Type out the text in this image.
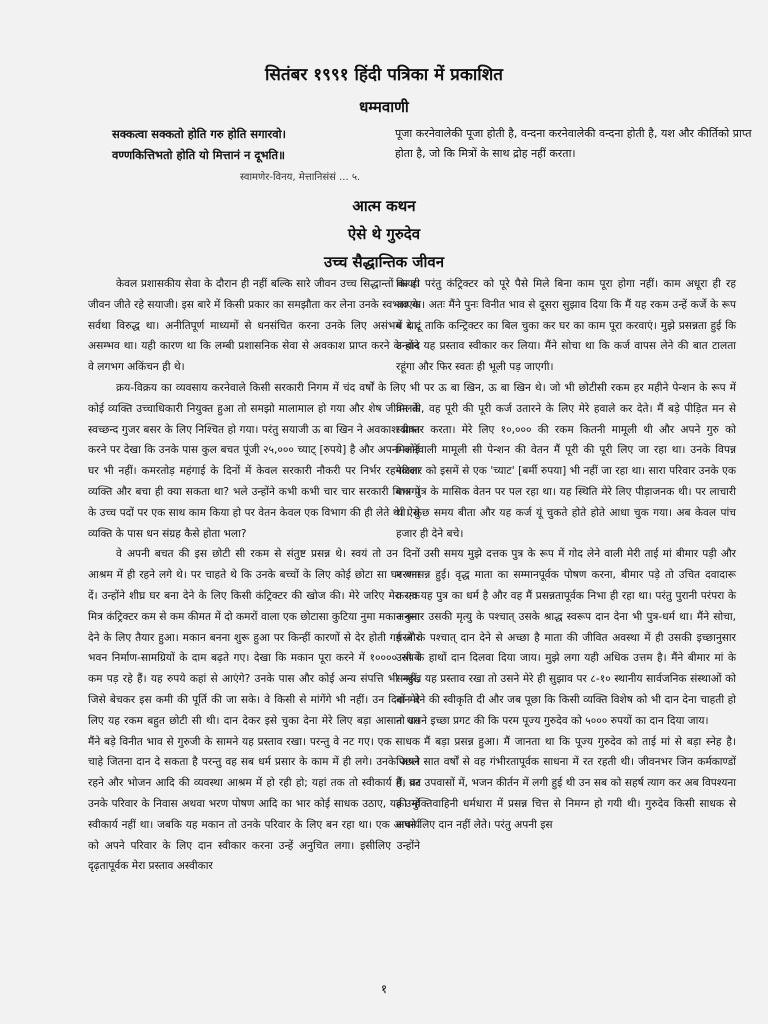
सितंबर १९९१ हिंदी पत्रिका में प्रकाशित
धम्मवाणी
सक्कत्वा सक्कतो होति गरु होति सगारवो।
वण्णकित्तिभतो होति यो मित्तानं न दूभति॥
स्वामणेर-विनय, मेत्तानिसंसं ... ५.
पूजा करनेवालेकी पूजा होती है, वन्दना करनेवालेकी वन्दना होती है, यश और कीर्तिको प्राप्त होता है, जो कि मित्रों के साथ द्रोह नहीं करता।
आत्म कथन
ऐसे थे गुरुदेव
उच्च सैद्धान्तिक जीवन

केवल प्रशासकीय सेवा के दौरान ही नहीं बल्कि सारे जीवन उच्च सिद्धान्तों का ही जीवन जीते रहे सयाजी। इस बारे में किसी प्रकार का समझौता कर लेना उनके स्वभाव के सर्वथा विरुद्ध था। अनीतिपूर्ण माध्यमों से धनसंचित करना उनके लिए असंभव था, असम्भव था। यही कारण था कि लम्बी प्रशासनिक सेवा से अवकाश प्राप्त करने के बाद वे लगभग अकिंचन ही थे।

क्रय-विक्रय का व्यवसाय करनेवाले किसी सरकारी निगम में चंद वर्षों के लिए भी कोई व्यक्ति उच्चाधिकारी नियुक्त हुआ तो समझो मालामाल हो गया और शेष जीवन के स्वच्छन्द गुजर बसर के लिए निश्चित हो गया। परंतु सयाजी ऊ बा खिन ने अवकाश प्राप्त करने पर देखा कि उनके पास कुल बचत पूंजी २५,००० च्याट् [रुपये] है और अपना कोई घर भी नहीं। कमरतोड़ महंगाई के दिनों में केवल सरकारी नौकरी पर निर्भर रहनेवाला व्यक्ति और बचा ही क्या सकता था? भले उन्होंने कभी कभी चार चार सरकारी विभागों के उच्च पदों पर एक साथ काम किया हो पर वेतन केवल एक विभाग की ही लेते थे। ऐसे व्यक्ति के पास धन संग्रह कैसे होता भला?

वे अपनी बचत की इस छोटी सी रकम से संतुष्ट प्रसन्न थे। स्वयं तो उन दिनों आश्रम में ही रहने लगे थे। पर चाहते थे कि उनके बच्चों के लिए कोई छोटा सा घर बना दें। उन्होंने शीघ्र घर बना देने के लिए किसी कंट्रिक्टर की खोज की। मेरे जरिए मेरा एक मित्र कंट्रिक्टर कम से कम कीमत में दो कमरों वाला एक छोटासा कुटिया नुमा मकान बना देने के लिए तैयार हुआ। मकान बनना शुरू हुआ पर किन्हीं कारणों से देर होती गई और भवन निर्माण-सामग्रियों के दाम बढ़ते गए। देखा कि मकान पूरा करने में १०००० रुपये कम पड़ रहे हैं। यह रुपये कहां से आएंगे? उनके पास और कोई अन्य संपत्ति भी नहीं, जिसे बेचकर इस कमी की पूर्ति की जा सके। वे किसी से मांगेंगे भी नहीं। उन दिनों मेरे लिए यह रकम बहुत छोटी सी थी। दान देकर इसे चुका देना मेरे लिए बड़ा आसान था। मैंने बड़े विनीत भाव से गुरुजी के सामने यह प्रस्ताव रखा। परन्तु वे नट गए। एक साधक चाहे जितना दान दे सकता है परन्तु वह सब धर्म प्रसार के काम में ही लगे। उनके अपने रहने और भोजन आदि की व्यवस्था आश्रम में हो रही हो; यहां तक तो स्वीकार्य है। पर उनके परिवार के निवास अथवा भरण पोषण आदि का भार कोई साधक उठाए, यह उन्हें स्वीकार्य नहीं था। जबकि यह मकान तो उनके परिवार के लिए बन रहा था। एक आचार्य को अपने परिवार के लिए दान स्वीकार करना उन्हें अनुचित लगा। इसीलिए उन्होंने दृढ़तापूर्वक मेरा प्रस्ताव अस्वीकार

किया। परंतु कंट्रिक्टर को पूरे पैसे मिले बिना काम पूरा होगा नहीं। काम अधूरा ही रह जाएगा। अतः मैंने पुनः विनीत भाव से दूसरा सुझाव दिया कि मैं यह रकम उन्हें कर्जे के रूप में दे दूं ताकि कन्ट्रिक्टर का बिल चुका कर घर का काम पूरा करवाएं। मुझे प्रसन्नता हुई कि उन्होंने यह प्रस्ताव स्वीकार कर लिया। मैंने सोचा था कि कर्ज वापस लेने की बात टालता रहूंगा और फिर स्वतः ही भूली पड़ जाएगी।

पर ऊ बा खिन, ऊ बा खिन थे। जो भी छोटीसी रकम हर महीने पेन्शन के रूप में मिलती, वह पूरी की पूरी कर्ज उतारने के लिए मेरे हवाले कर देते। मैं बड़े पीड़ित मन से स्वीकार करता। मेरे लिए १०,००० की रकम कितनी मामूली थी और अपने गुरु को मिलनेवाली मामूली सी पेन्शन की वेतन मैं पूरी की पूरी लिए जा रहा था। उनके विपन्न परिवार को इसमें से एक 'च्याट' [बर्मी रुपया] भी नहीं जा रहा था। सारा परिवार उनके एक मात्र पुत्र के मासिक वेतन पर पल रहा था। यह स्थिति मेरे लिए पीड़ाजनक थी। पर लाचारी थी। कुछ समय बीता और यह कर्ज यूं चुकते होते होते आधा चुक गया। अब केवल पांच हजार ही देने बचे।

उसी समय मुझे दत्तक पुत्र के रूप में गोद लेने वाली मेरी ताई मां बीमार पड़ी और मरणासन्न हुई। वृद्ध माता का सम्मानपूर्वक पोषण करना, बीमार पड़े तो उचित दवादारू करना यह पुत्र का धर्म है और वह मैं प्रसन्नतापूर्वक निभा ही रहा था। परंतु पुरानी परंपरा के अनुसार उसकी मृत्यु के पश्चात् उसके श्राद्ध स्वरूप दान देना भी पुत्र-धर्म था। मैंने सोचा, मरने के पश्चात् दान देने से अच्छा है माता की जीवित अवस्था में ही उसकी इच्छानुसार उसी के हाथों दान दिलवा दिया जाय। मुझे लगा यही अधिक उत्तम है। मैंने बीमार मां के सम्मुख यह प्रस्ताव रखा तो उसने मेरे ही सुझाव पर ८-१० स्थानीय सार्वजनिक संस्थाओं को दान देने की स्वीकृति दी और जब पूछा कि किसी व्यक्ति विशेष को भी दान देना चाहती हो तो उसने इच्छा प्रगट की कि परम पूज्य गुरुदेव को ५००० रुपयों का दान दिया जाय।

मैं बड़ा प्रसन्न हुआ। मैं जानता था कि पूज्य गुरुदेव को ताई मां से बड़ा स्नेह है। पिछले सात वर्षों से वह गंभीरतापूर्वक साधना में रत रहती थी। जीवनभर जिन कर्मकाण्डों में, व्रत उपवासों में, भजन कीर्तन में लगी हुई थी उन सब को सहर्ष त्याग कर अब विपश्यना की मुक्तिवाहिनी धर्मधारा में प्रसन्न चित्त से निमग्न हो गयी थी। गुरुदेव किसी साधक से अपने लिए दान नहीं लेते। परंतु अपनी इस

१
